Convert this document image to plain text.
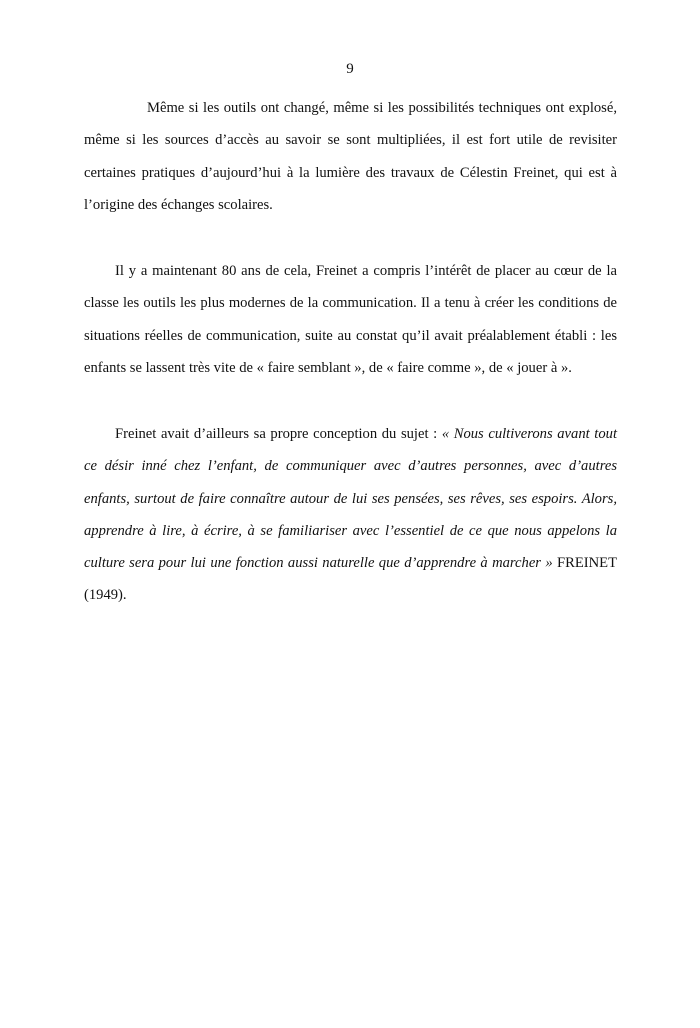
9

Même si les outils ont changé, même si les possibilités techniques ont explosé, même si les sources d’accès au savoir se sont multipliées, il est fort utile de revisiter certaines pratiques d’aujourd’hui à la lumière des travaux de Célestin Freinet, qui est à l’origine des échanges scolaires.

Il y a maintenant 80 ans de cela, Freinet a compris l’intérêt de placer au cœur de la classe les outils les plus modernes de la communication. Il a tenu à créer les conditions de situations réelles de communication, suite au constat qu’il avait préalablement établi : les enfants se lassent très vite de « faire semblant », de « faire comme », de « jouer à ».

Freinet avait d’ailleurs sa propre conception du sujet : « Nous cultiverons avant tout ce désir inné chez l’enfant, de communiquer avec d’autres personnes, avec d’autres enfants, surtout de faire connaître autour de lui ses pensées, ses rêves, ses espoirs. Alors, apprendre à lire, à écrire, à se familiariser avec l’essentiel de ce que nous appelons la culture sera pour lui une fonction aussi naturelle que d’apprendre à marcher » FREINET (1949).
